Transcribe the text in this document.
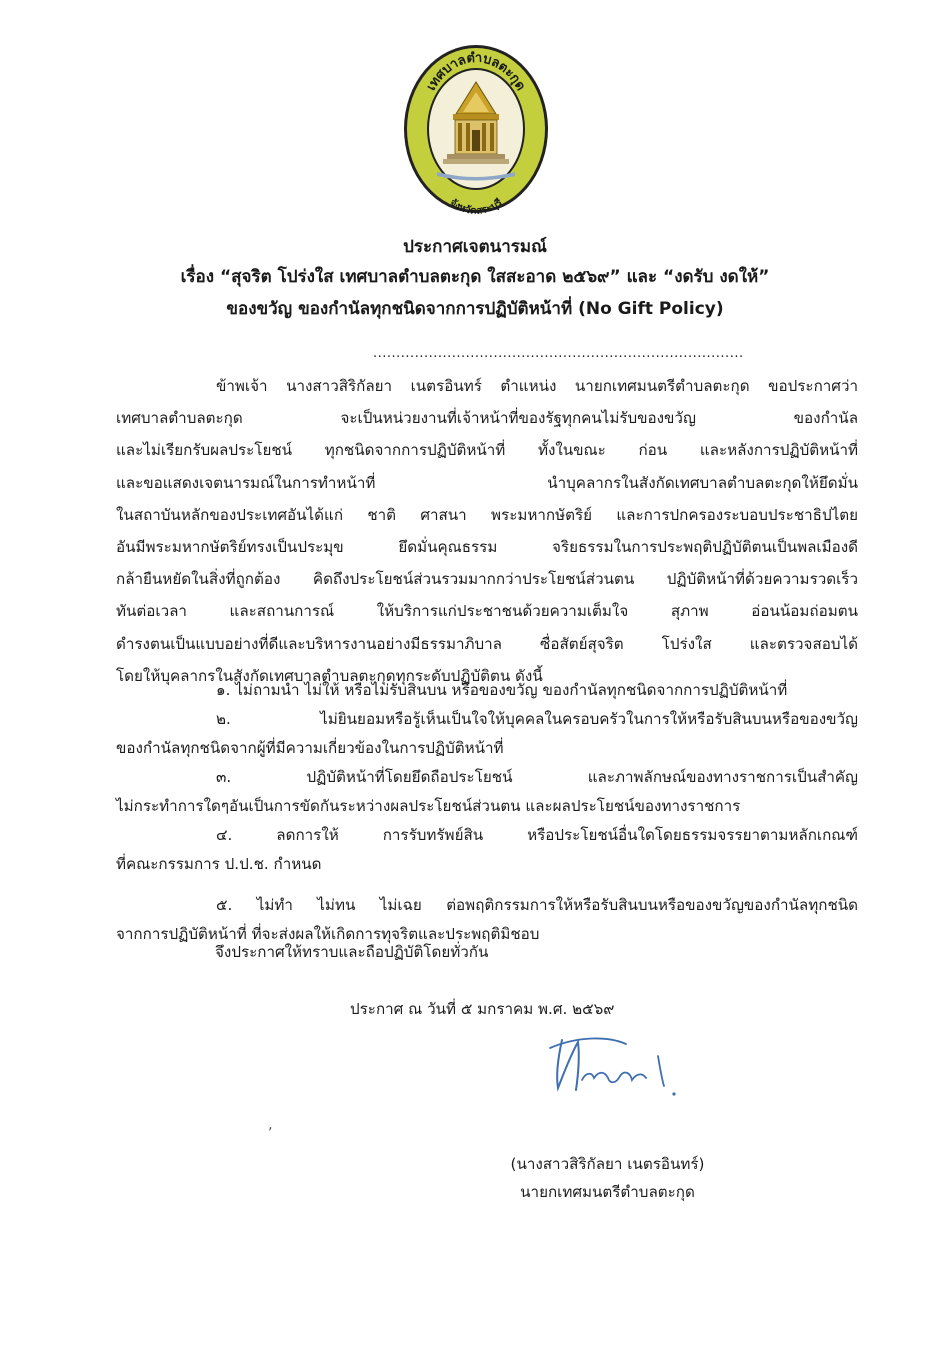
เทศบาลตำบลตะกุด
จังหวัดสระบุรี
ประกาศเจตนารมณ์
เรื่อง “สุจริต โปร่งใส เทศบาลตำบลตะกุด ใสสะอาด ๒๕๖๙” และ “งดรับ งดให้”
ของขวัญ ของกำนัลทุกชนิดจากการปฏิบัติหน้าที่ (No Gift Policy)
................................................................................
ข้าพเจ้า นางสาวสิริกัลยา เนตรอินทร์ ตำแหน่ง นายกเทศมนตรีตำบลตะกุด ขอประกาศว่า
เทศบาลตำบลตะกุด จะเป็นหน่วยงานที่เจ้าหน้าที่ของรัฐทุกคนไม่รับของขวัญ ของกำนัล
และไม่เรียกรับผลประโยชน์ ทุกชนิดจากการปฏิบัติหน้าที่ ทั้งในขณะ ก่อน และหลังการปฏิบัติหน้าที่
และขอแสดงเจตนารมณ์ในการทำหน้าที่ นำบุคลากรในสังกัดเทศบาลตำบลตะกุดให้ยึดมั่น
ในสถาบันหลักของประเทศอันได้แก่ ชาติ ศาสนา พระมหากษัตริย์ และการปกครองระบอบประชาธิปไตย
อันมีพระมหากษัตริย์ทรงเป็นประมุข ยึดมั่นคุณธรรม จริยธรรมในการประพฤติปฏิบัติตนเป็นพลเมืองดี
กล้ายืนหยัดในสิ่งที่ถูกต้อง คิดถึงประโยชน์ส่วนรวมมากกว่าประโยชน์ส่วนตน ปฏิบัติหน้าที่ด้วยความรวดเร็ว
ทันต่อเวลา และสถานการณ์ ให้บริการแก่ประชาชนด้วยความเต็มใจ สุภาพ อ่อนน้อมถ่อมตน
ดำรงตนเป็นแบบอย่างที่ดีและบริหารงานอย่างมีธรรมาภิบาล ซื่อสัตย์สุจริต โปร่งใส และตรวจสอบได้
โดยให้บุคลากรในสังกัดเทศบาลตำบลตะกุดทุกระดับปฏิบัติตน ดังนี้
๑. ไม่ถามนำ ไม่ให้ หรือไม่รับสินบน หรือของขวัญ ของกำนัลทุกชนิดจากการปฏิบัติหน้าที่
๒. ไม่ยินยอมหรือรู้เห็นเป็นใจให้บุคคลในครอบครัวในการให้หรือรับสินบนหรือของขวัญ
ของกำนัลทุกชนิดจากผู้ที่มีความเกี่ยวข้องในการปฏิบัติหน้าที่
๓. ปฏิบัติหน้าที่โดยยึดถือประโยชน์ และภาพลักษณ์ของทางราชการเป็นสำคัญ
ไม่กระทำการใดๆอันเป็นการขัดกันระหว่างผลประโยชน์ส่วนตน และผลประโยชน์ของทางราชการ
๔. ลดการให้ การรับทรัพย์สิน หรือประโยชน์อื่นใดโดยธรรมจรรยาตามหลักเกณฑ์
ที่คณะกรรมการ ป.ป.ช. กำหนด
๕. ไม่ทำ ไม่ทน ไม่เฉย ต่อพฤติกรรมการให้หรือรับสินบนหรือของขวัญของกำนัลทุกชนิด
จากการปฏิบัติหน้าที่ ที่จะส่งผลให้เกิดการทุจริตและประพฤติมิชอบ
จึงประกาศให้ทราบและถือปฏิบัติโดยทั่วกัน
ประกาศ ณ วันที่ ๕ มกราคม พ.ศ. ๒๕๖๙
‚
(นางสาวสิริกัลยา เนตรอินทร์)
นายกเทศมนตรีตำบลตะกุด
